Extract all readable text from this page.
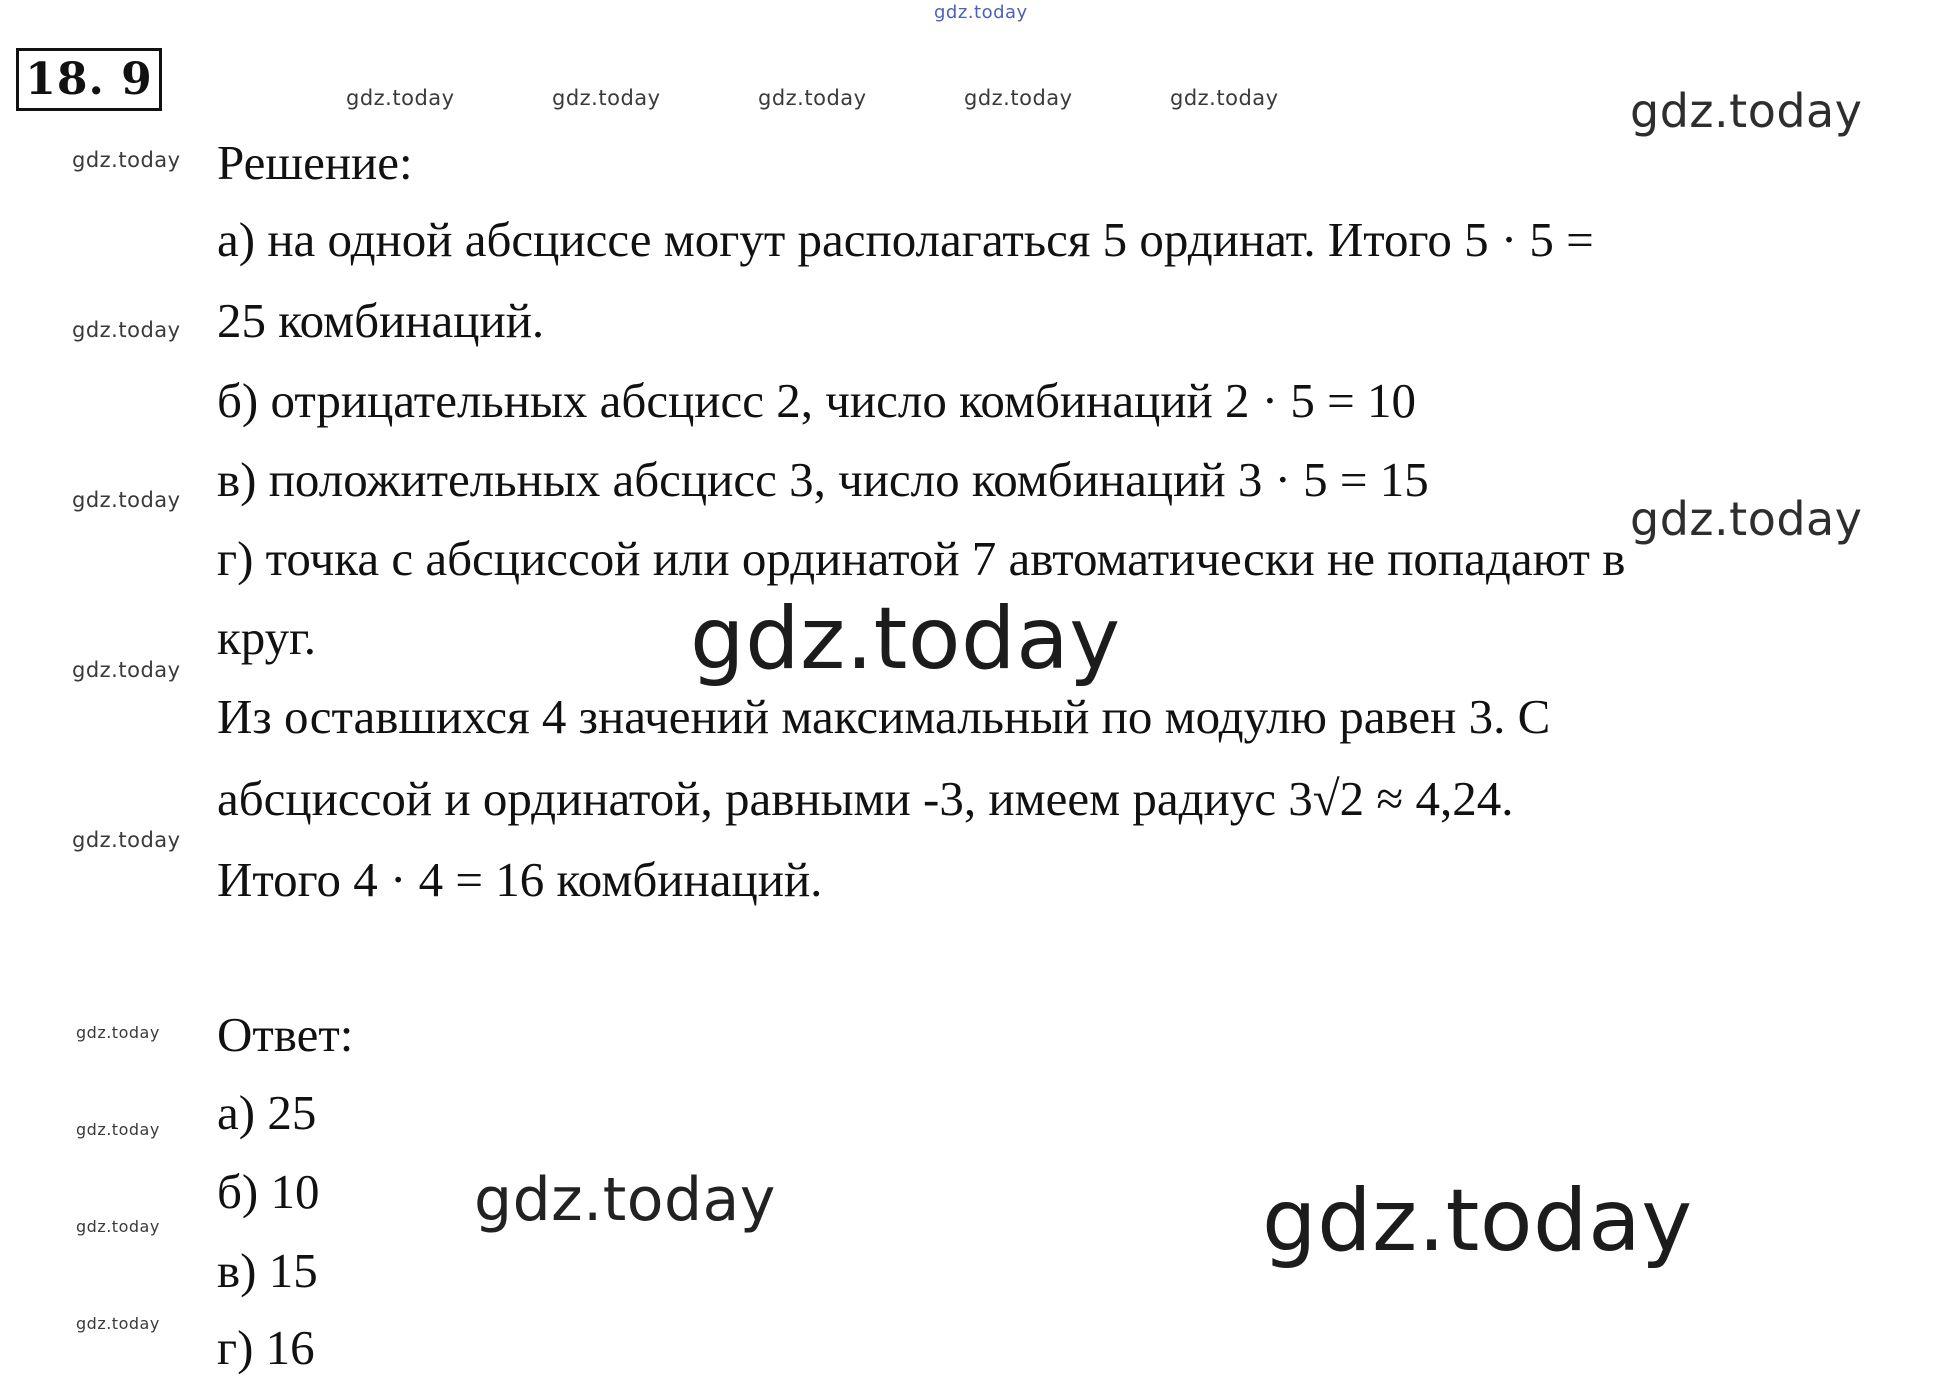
gdz.today
gdz.today	gdz.today	gdz.today	gdz.today	gdz.today	gdz.today
gdz.today
gdz.today
gdz.today
gdz.today
gdz.today
gdz.today
gdz.today
gdz.today
gdz.today
gdz.today
gdz.today
gdz.today	gdz.today
18. 9
Решение:
а) на одной абсциссе могут располагаться 5 ординат. Итого 5 · 5 =
25 комбинаций.
б) отрицательных абсцисс 2, число комбинаций 2 · 5 = 10
в) положительных абсцисс 3, число комбинаций 3 · 5 = 15
г) точка с абсциссой или ординатой 7 автоматически не попадают в
круг.
Из оставшихся 4 значений максимальный по модулю равен 3. С
абсциссой и ординатой, равными -3, имеем радиус 3√2 ≈ 4,24.
Итого 4 · 4 = 16 комбинаций.
Ответ:
а) 25
б) 10
в) 15
г) 16
